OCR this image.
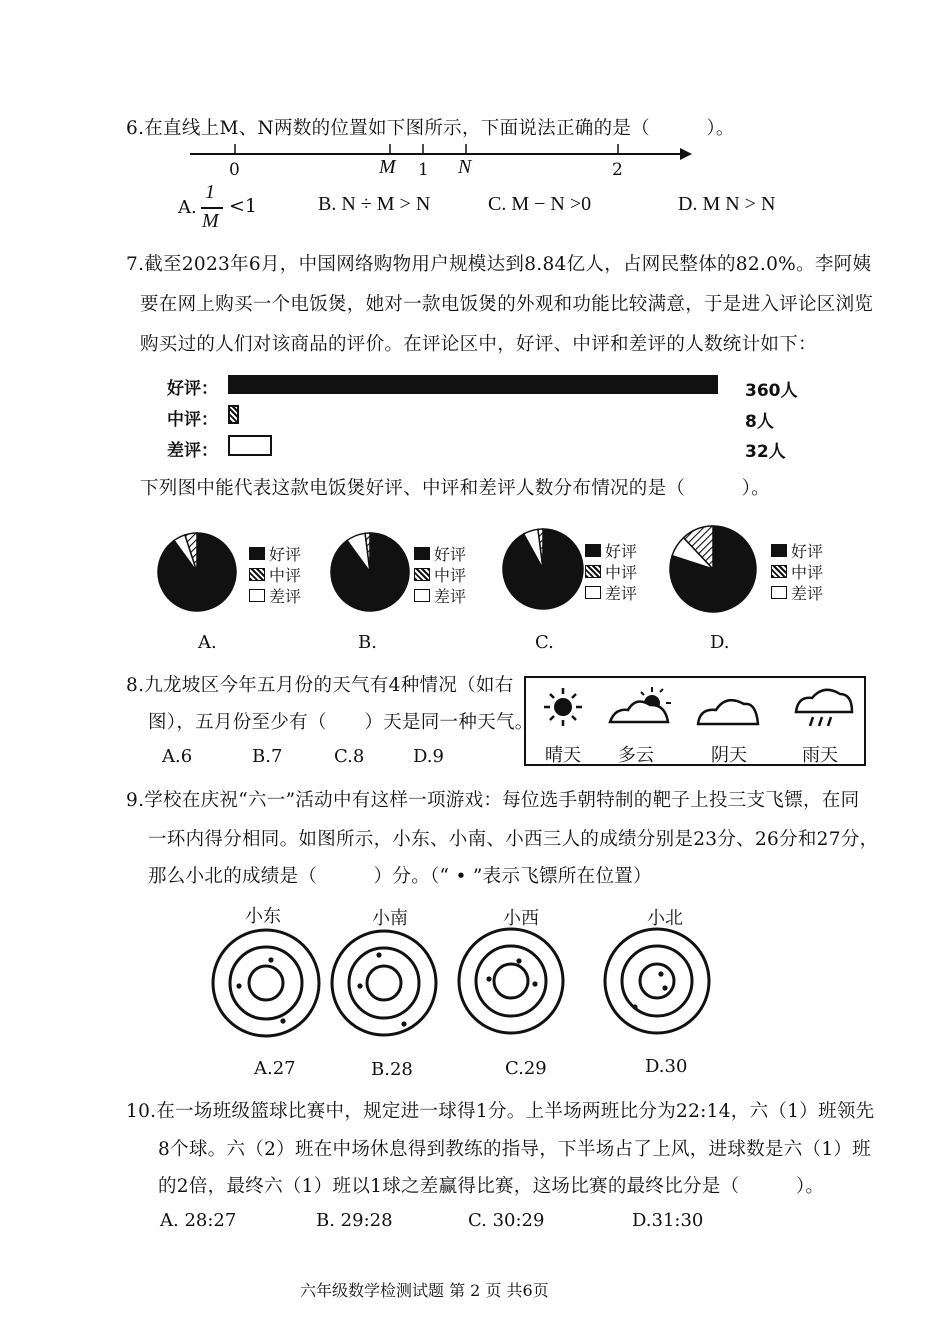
6.在直线上M、N两数的位置如下图所示，下面说法正确的是（　　　）。
0	M 1 N	2
A.
1
M
<1	B. N ÷ M > N	C. M − N >0	D. M N > N
7.截至2023年6月，中国网络购物用户规模达到8.84亿人，占网民整体的82.0%。李阿姨
要在网上购买一个电饭煲，她对一款电饭煲的外观和功能比较满意，于是进入评论区浏览
购买过的人们对该商品的评价。在评论区中，好评、中评和差评的人数统计如下：
好评：
中评：
差评：
360人
8人
32人
下列图中能代表这款电饭煲好评、中评和差评人数分布情况的是（　　　）。
好评
中评
差评
好评
中评
差评
好评
中评
差评
好评
中评
差评
A.	B.	C.	D.
8.九龙坡区今年五月份的天气有4种情况（如右
图），五月份至少有（　　）天是同一种天气。
A.6	B.7	C.8	D.9	晴天 多云	阴天	雨天
9.学校在庆祝“六一”活动中有这样一项游戏：每位选手朝特制的靶子上投三支飞镖，在同
一环内得分相同。如图所示，小东、小南、小西三人的成绩分别是23分、26分和27分，
那么小北的成绩是（　　　）分。（“ • ”表示飞镖所在位置）
小东	小南	小西	小北
A.27	B.28	C.29	D.30
10.在一场班级篮球比赛中，规定进一球得1分。上半场两班比分为22:14，六（1）班领先
8个球。六（2）班在中场休息得到教练的指导，下半场占了上风，进球数是六（1）班
的2倍，最终六（1）班以1球之差赢得比赛，这场比赛的最终比分是（　　　）。
A. 28:27	B. 29:28	C. 30:29	D.31:30
六年级数学检测试题 第 2 页 共6页
